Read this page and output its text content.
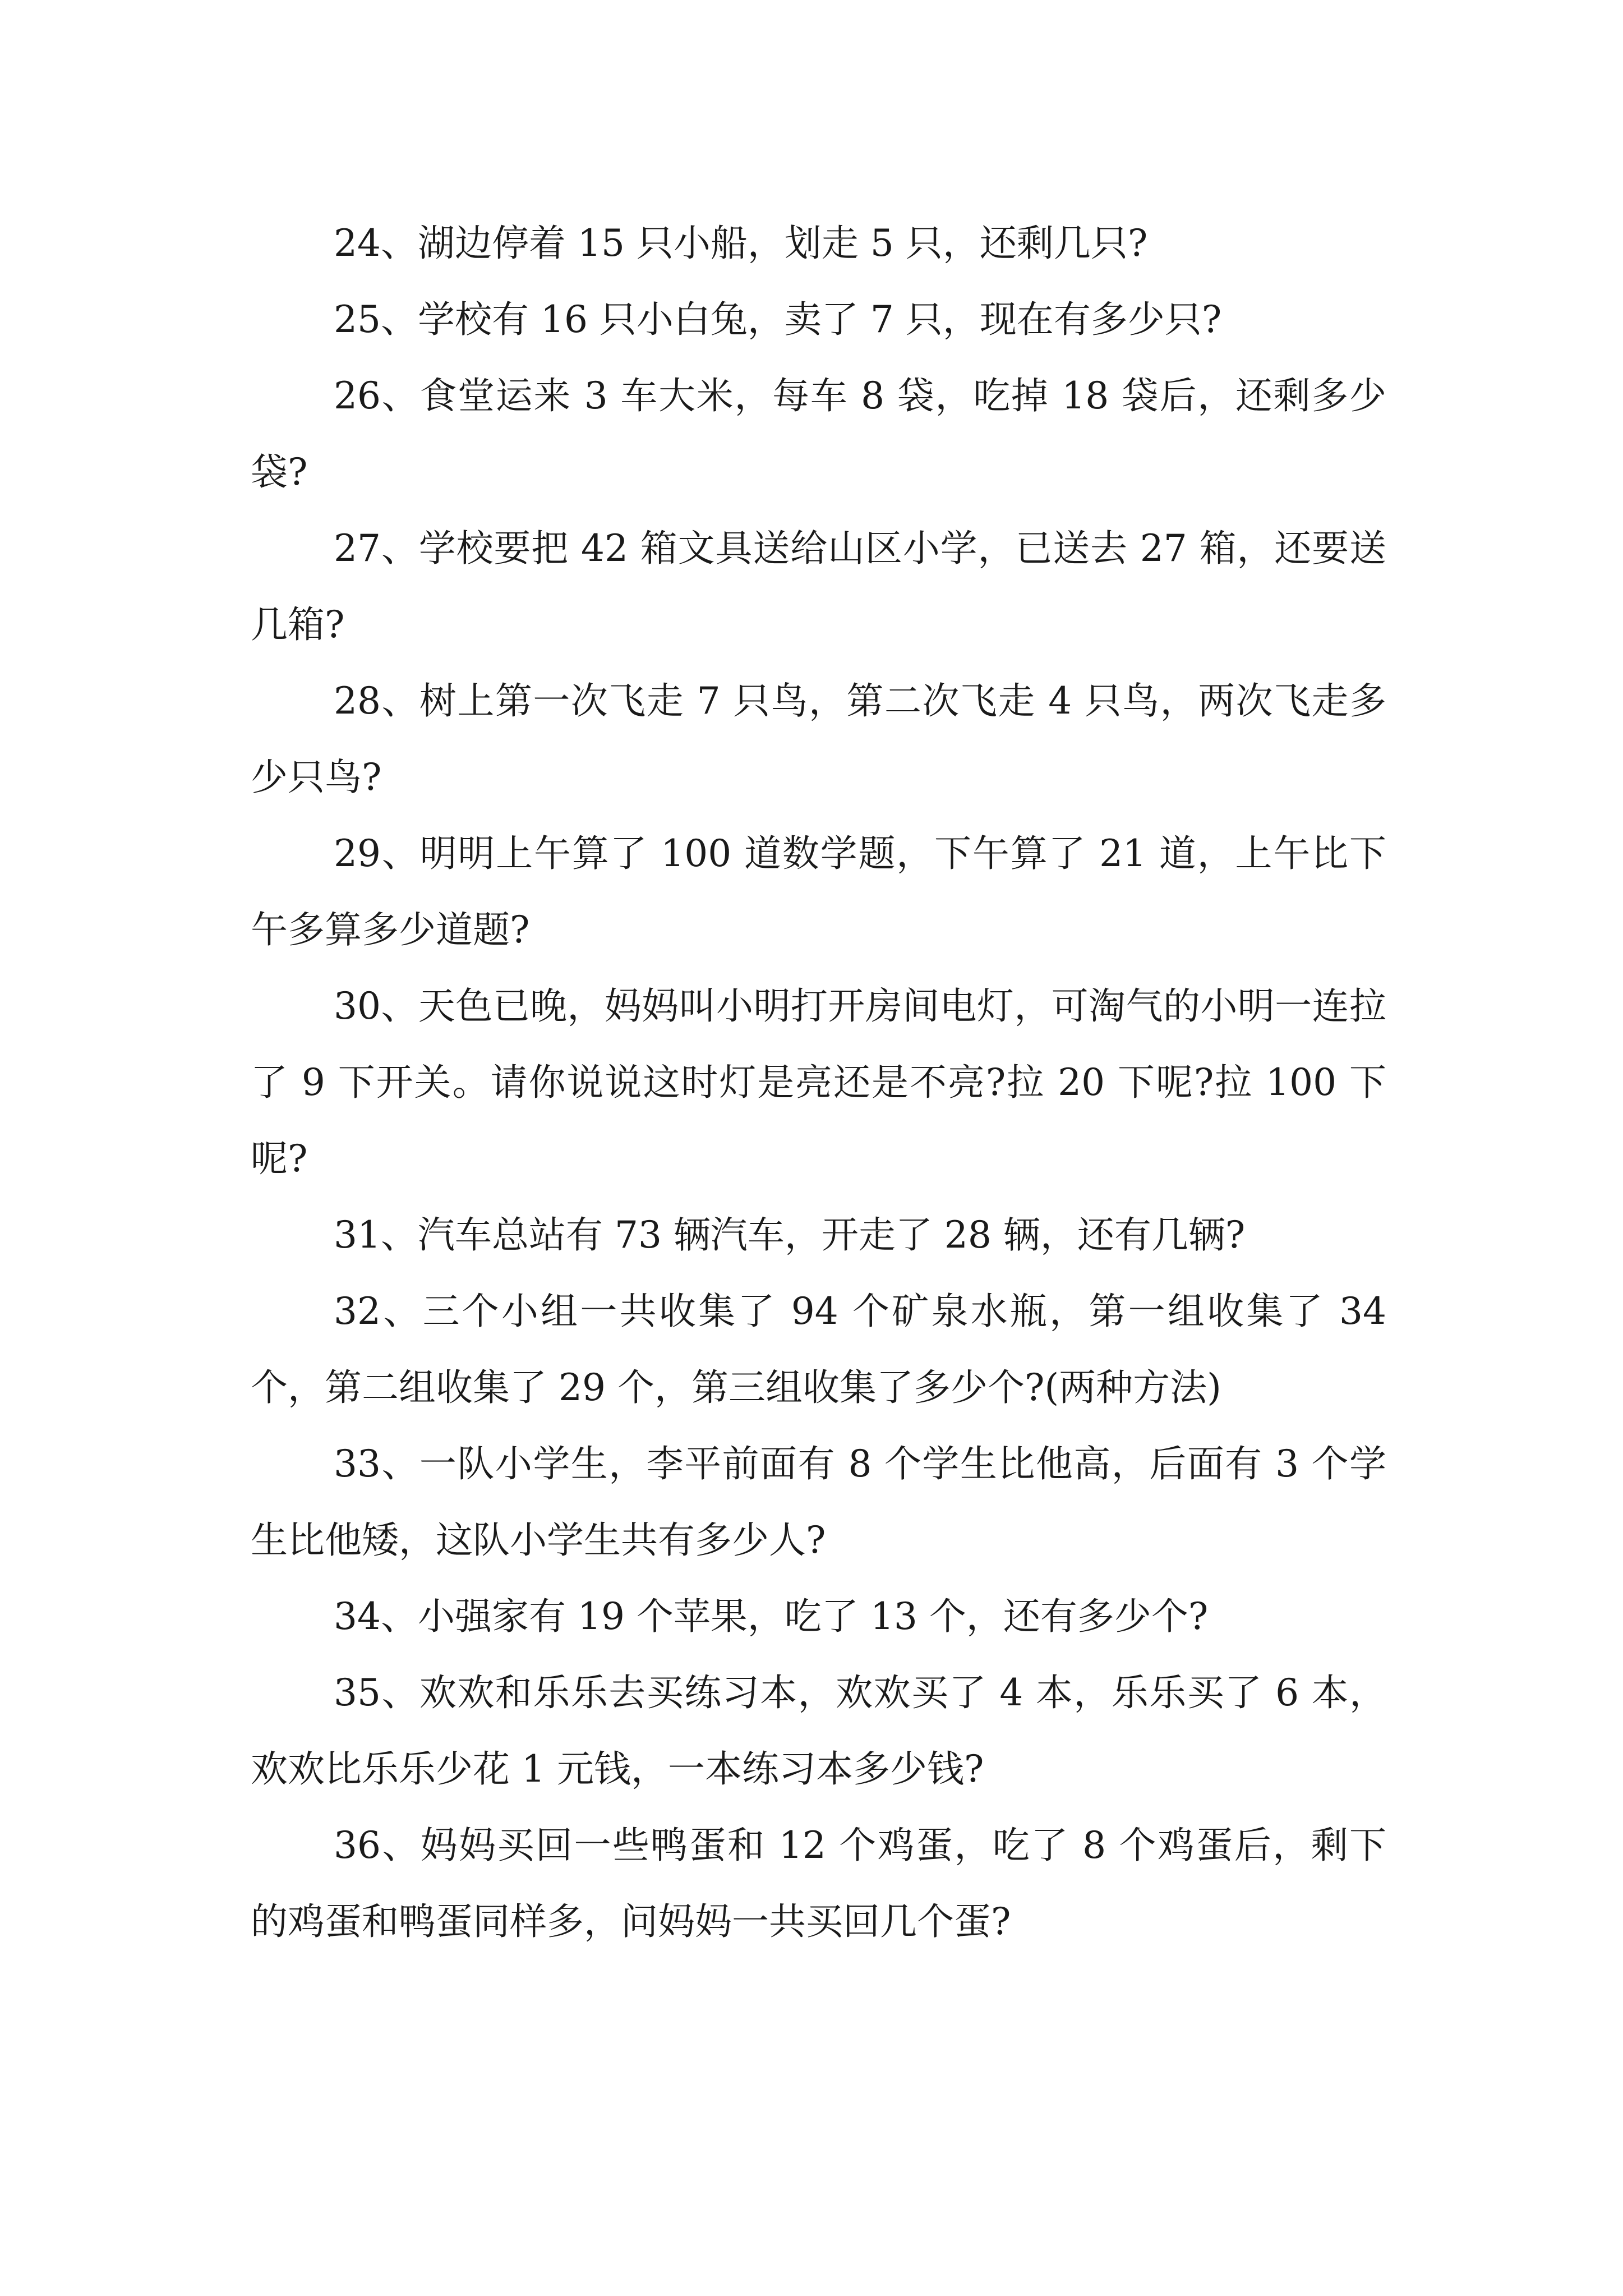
24、湖边停着 15 只小船，划走 5 只，还剩几只?

25、学校有 16 只小白兔，卖了 7 只，现在有多少只?

26、食堂运来 3 车大米，每车 8 袋，吃掉 18 袋后，还剩多少袋?

27、学校要把 42 箱文具送给山区小学，已送去 27 箱，还要送几箱?

28、树上第一次飞走 7 只鸟，第二次飞走 4 只鸟，两次飞走多少只鸟?

29、明明上午算了 100 道数学题，下午算了 21 道，上午比下午多算多少道题?

30、天色已晚，妈妈叫小明打开房间电灯，可淘气的小明一连拉了 9 下开关。请你说说这时灯是亮还是不亮?拉 20 下呢?拉 100 下呢?

31、汽车总站有 73 辆汽车，开走了 28 辆，还有几辆?

32、三个小组一共收集了 94 个矿泉水瓶，第一组收集了 34 个，第二组收集了 29 个，第三组收集了多少个?(两种方法)

33、一队小学生，李平前面有 8 个学生比他高，后面有 3 个学生比他矮，这队小学生共有多少人?

34、小强家有 19 个苹果，吃了 13 个，还有多少个?

35、欢欢和乐乐去买练习本，欢欢买了 4 本，乐乐买了 6 本，欢欢比乐乐少花 1 元钱，一本练习本多少钱?

36、妈妈买回一些鸭蛋和 12 个鸡蛋，吃了 8 个鸡蛋后，剩下的鸡蛋和鸭蛋同样多，问妈妈一共买回几个蛋?
